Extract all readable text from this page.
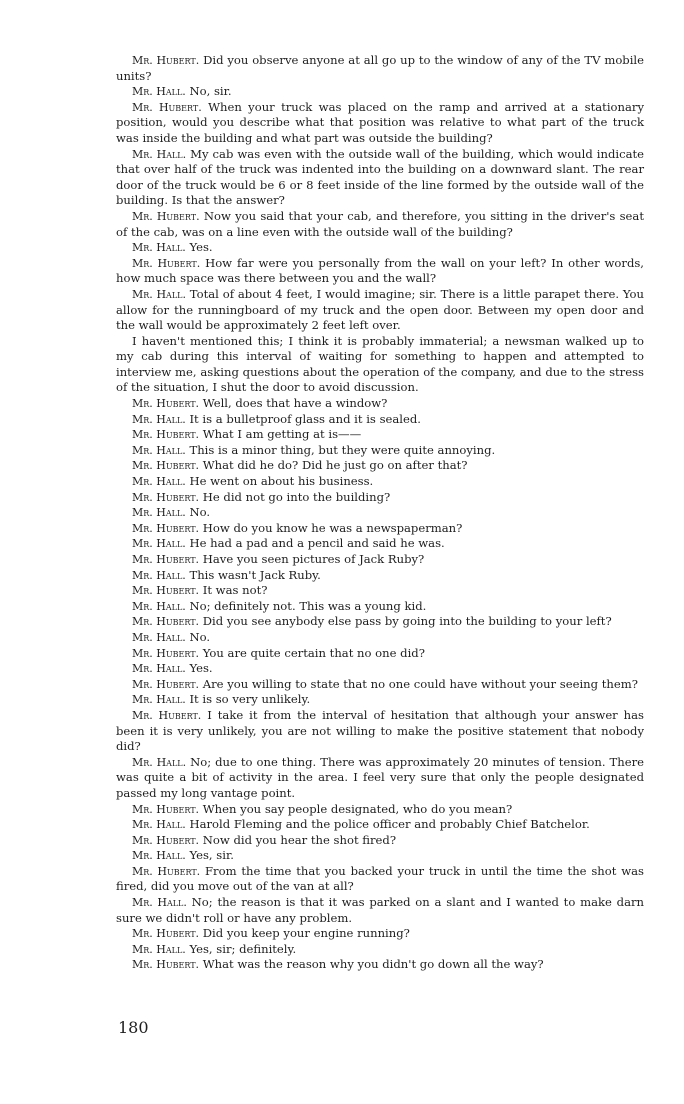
Mr. Hubert. Did you observe anyone at all go up to the window of any of the TV mobile units?

Mr. Hall. No, sir.

Mr. Hubert. When your truck was placed on the ramp and arrived at a stationary position, would you describe what that position was relative to what part of the truck was inside the building and what part was outside the building?

Mr. Hall. My cab was even with the outside wall of the building, which would indicate that over half of the truck was indented into the building on a downward slant. The rear door of the truck would be 6 or 8 feet inside of the line formed by the outside wall of the building. Is that the answer?

Mr. Hubert. Now you said that your cab, and therefore, you sitting in the driver's seat of the cab, was on a line even with the outside wall of the building?

Mr. Hall. Yes.

Mr. Hubert. How far were you personally from the wall on your left? In other words, how much space was there between you and the wall?

Mr. Hall. Total of about 4 feet, I would imagine; sir. There is a little parapet there. You allow for the runningboard of my truck and the open door. Between my open door and the wall would be approximately 2 feet left over.

I haven't mentioned this; I think it is probably immaterial; a newsman walked up to my cab during this interval of waiting for something to happen and attempted to interview me, asking questions about the operation of the company, and due to the stress of the situation, I shut the door to avoid discussion.

Mr. Hubert. Well, does that have a window?

Mr. Hall. It is a bulletproof glass and it is sealed.

Mr. Hubert. What I am getting at is——

Mr. Hall. This is a minor thing, but they were quite annoying.

Mr. Hubert. What did he do? Did he just go on after that?

Mr. Hall. He went on about his business.

Mr. Hubert. He did not go into the building?

Mr. Hall. No.

Mr. Hubert. How do you know he was a newspaperman?

Mr. Hall. He had a pad and a pencil and said he was.

Mr. Hubert. Have you seen pictures of Jack Ruby?

Mr. Hall. This wasn't Jack Ruby.

Mr. Hubert. It was not?

Mr. Hall. No; definitely not. This was a young kid.

Mr. Hubert. Did you see anybody else pass by going into the building to your left?

Mr. Hall. No.

Mr. Hubert. You are quite certain that no one did?

Mr. Hall. Yes.

Mr. Hubert. Are you willing to state that no one could have without your seeing them?

Mr. Hall. It is so very unlikely.

Mr. Hubert. I take it from the interval of hesitation that although your answer has been it is very unlikely, you are not willing to make the positive statement that nobody did?

Mr. Hall. No; due to one thing. There was approximately 20 minutes of tension. There was quite a bit of activity in the area. I feel very sure that only the people designated passed my long vantage point.

Mr. Hubert. When you say people designated, who do you mean?

Mr. Hall. Harold Fleming and the police officer and probably Chief Batchelor.

Mr. Hubert. Now did you hear the shot fired?

Mr. Hall. Yes, sir.

Mr. Hubert. From the time that you backed your truck in until the time the shot was fired, did you move out of the van at all?

Mr. Hall. No; the reason is that it was parked on a slant and I wanted to make darn sure we didn't roll or have any problem.

Mr. Hubert. Did you keep your engine running?

Mr. Hall. Yes, sir; definitely.

Mr. Hubert. What was the reason why you didn't go down all the way?

180
